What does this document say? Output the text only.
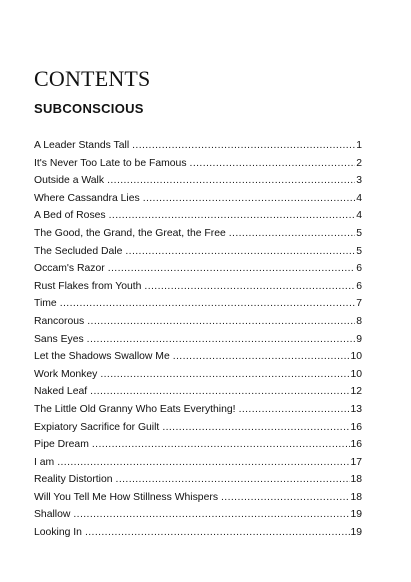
CONTENTS
SUBCONSCIOUS
A Leader Stands Tall .....	1
It's Never Too Late to be Famous .....	2
Outside a Walk .....	3
Where Cassandra Lies .....	4
A Bed of Roses .....	4
The Good, the Grand, the Great, the Free .....	5
The Secluded Dale .....	5
Occam's Razor .....	6
Rust Flakes from Youth .....	6
Time .....	7
Rancorous .....	8
Sans Eyes .....	9
Let the Shadows Swallow Me .....	10
Work Monkey .....	10
Naked Leaf .....	12
The Little Old Granny Who Eats Everything! .....	13
Expiatory Sacrifice for Guilt .....	16
Pipe Dream .....	16
I am .....	17
Reality Distortion .....	18
Will You Tell Me How Stillness Whispers .....	18
Shallow .....	19
Looking In .....	19
